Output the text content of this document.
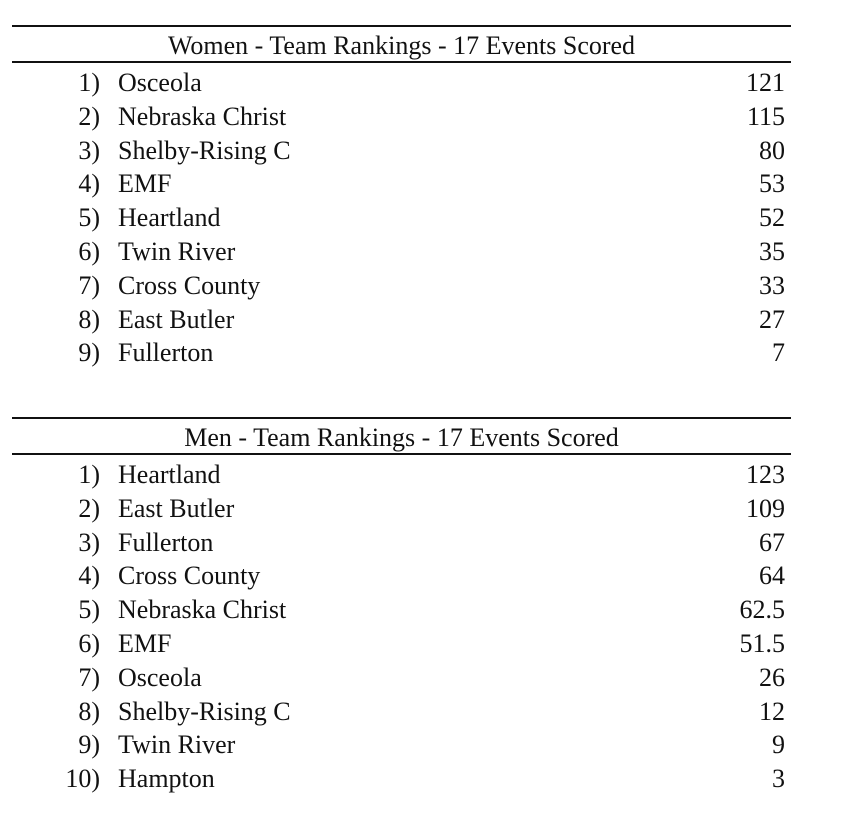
Women - Team Rankings - 17 Events Scored
1) Osceola	121
2) Nebraska Christ	115
3) Shelby-Rising C	80
4) EMF	53
5) Heartland	52
6) Twin River	35
7) Cross County	33
8) East Butler	27
9) Fullerton	7
Men - Team Rankings - 17 Events Scored
1) Heartland	123
2) East Butler	109
3) Fullerton	67
4) Cross County	64
5) Nebraska Christ	62.5
6) EMF	51.5
7) Osceola	26
8) Shelby-Rising C	12
9) Twin River	9
10) Hampton	3
